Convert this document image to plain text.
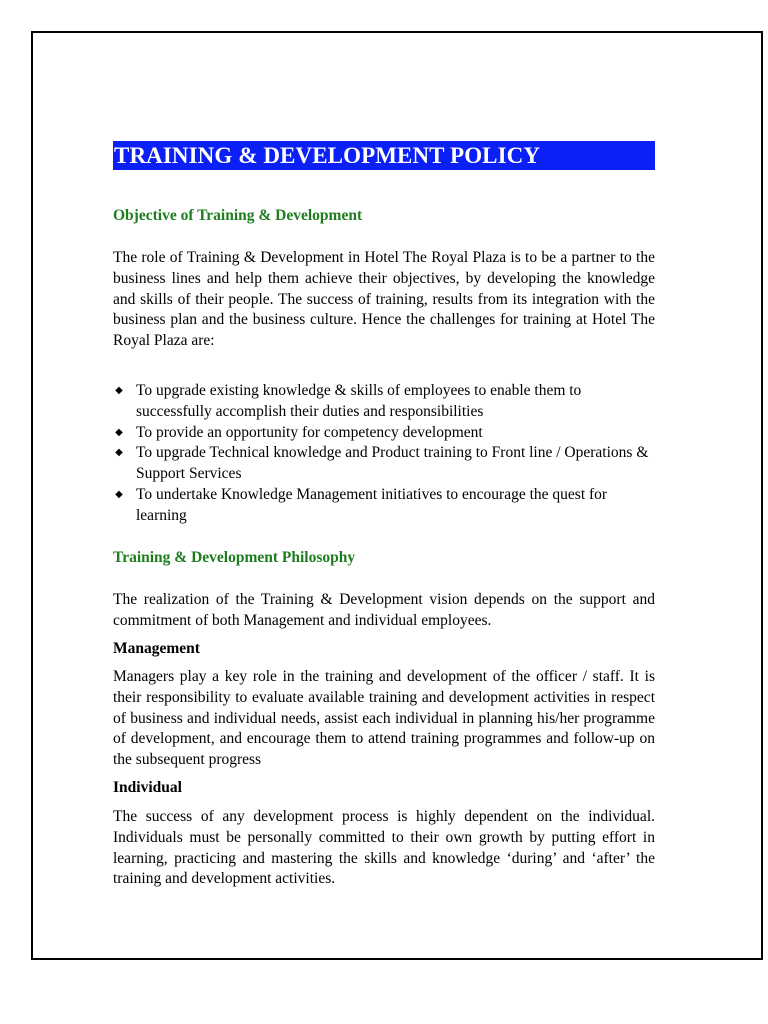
TRAINING & DEVELOPMENT POLICY
Objective of Training & Development
The role of Training & Development in Hotel The Royal Plaza is to be a partner to the business lines and help them achieve their objectives, by developing the knowledge and skills of their people. The success of training, results from its integration with the business plan and the business culture. Hence the challenges for training at Hotel The Royal Plaza are:
◆ To upgrade existing knowledge & skills of employees to enable them to successfully accomplish their duties and responsibilities
◆ To provide an opportunity for competency development
◆ To upgrade Technical knowledge and Product training to Front line / Operations & Support Services
◆ To undertake Knowledge Management initiatives to encourage the quest for learning
Training & Development Philosophy
The realization of the Training & Development vision depends on the support and commitment of both Management and individual employees.
Management
Managers play a key role in the training and development of the officer / staff. It is their responsibility to evaluate available training and development activities in respect of business and individual needs, assist each individual in planning his/her programme of development, and encourage them to attend training programmes and follow-up on the subsequent progress
Individual
The success of any development process is highly dependent on the individual. Individuals must be personally committed to their own growth by putting effort in learning, practicing and mastering the skills and knowledge ‘during’ and ‘after’ the training and development activities.
